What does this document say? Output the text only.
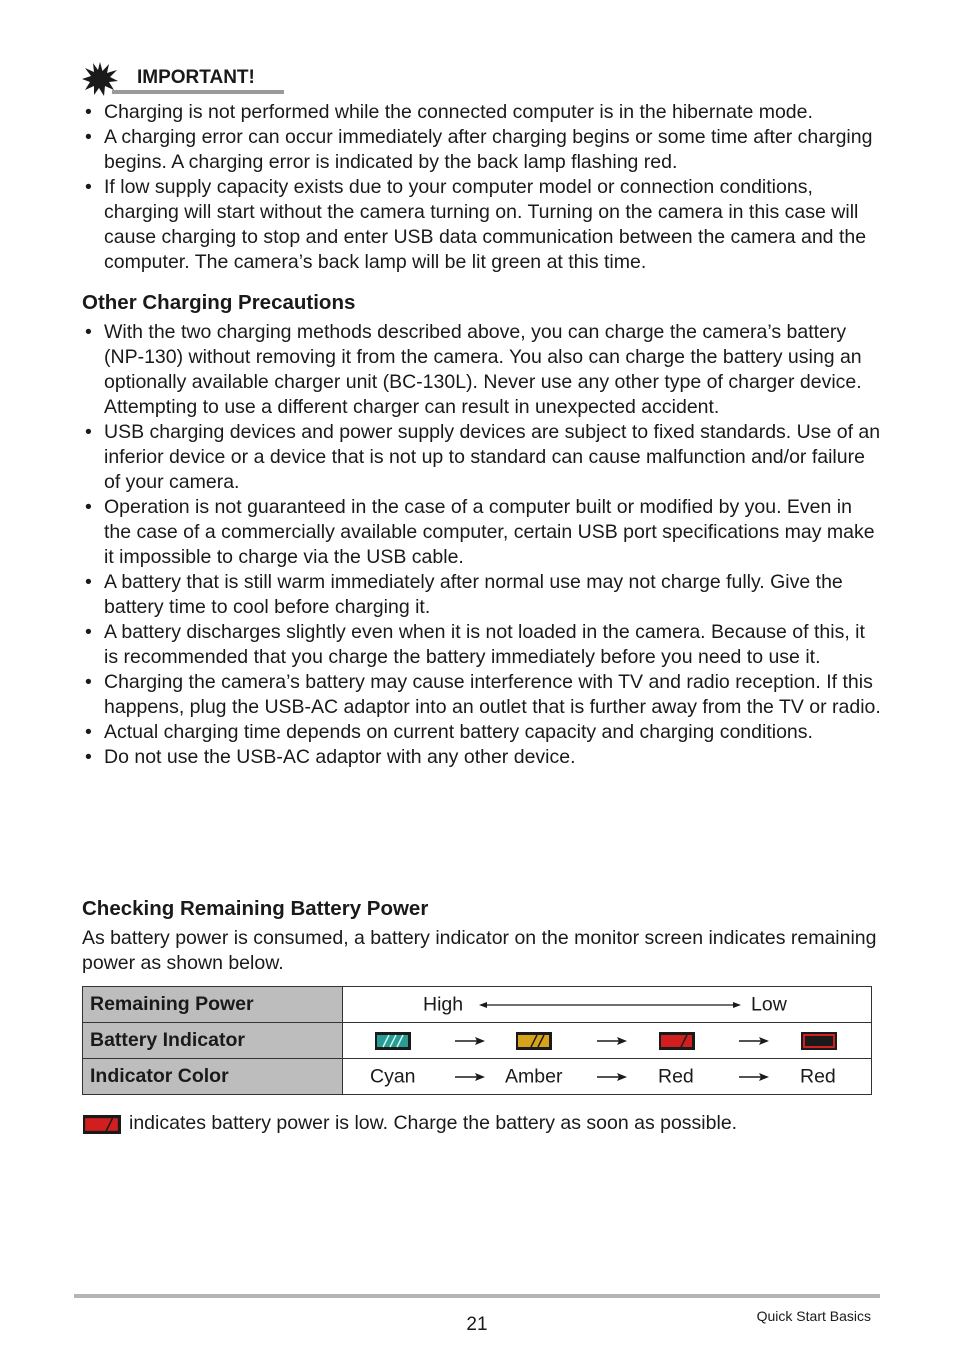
IMPORTANT!
• Charging is not performed while the connected computer is in the hibernate mode.
• A charging error can occur immediately after charging begins or some time after charging begins. A charging error is indicated by the back lamp flashing red.
• If low supply capacity exists due to your computer model or connection conditions, charging will start without the camera turning on. Turning on the camera in this case will cause charging to stop and enter USB data communication between the camera and the computer. The camera’s back lamp will be lit green at this time.
Other Charging Precautions
• With the two charging methods described above, you can charge the camera’s battery (NP-130) without removing it from the camera. You also can charge the battery using an optionally available charger unit (BC-130L). Never use any other type of charger device. Attempting to use a different charger can result in unexpected accident.
• USB charging devices and power supply devices are subject to fixed standards. Use of an inferior device or a device that is not up to standard can cause malfunction and/or failure of your camera.
• Operation is not guaranteed in the case of a computer built or modified by you. Even in the case of a commercially available computer, certain USB port specifications may make it impossible to charge via the USB cable.
• A battery that is still warm immediately after normal use may not charge fully. Give the battery time to cool before charging it.
• A battery discharges slightly even when it is not loaded in the camera. Because of this, it is recommended that you charge the battery immediately before you need to use it.
• Charging the camera’s battery may cause interference with TV and radio reception. If this happens, plug the USB-AC adaptor into an outlet that is further away from the TV or radio.
• Actual charging time depends on current battery capacity and charging conditions.
• Do not use the USB-AC adaptor with any other device.
Checking Remaining Battery Power

As battery power is consumed, a battery indicator on the monitor screen indicates remaining power as shown below.

Remaining Power	High Low

Battery Indicator	

Indicator Color	Cyan Amber Red Red
indicates battery power is low. Charge the battery as soon as possible.
21	Quick Start Basics
